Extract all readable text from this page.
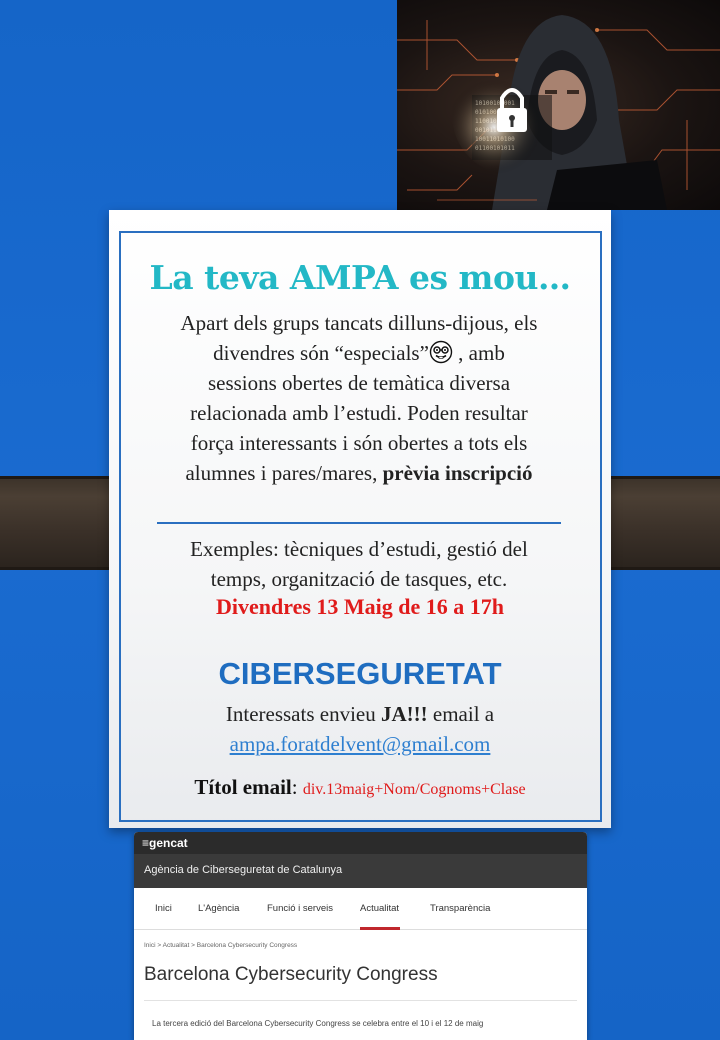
La teva AMPA es mou…
Apart dels grups tancats dilluns-dijous, els
divendres són “especials” , amb
sessions obertes de temàtica diversa
relacionada amb l’estudi. Poden resultar
força interessants i són obertes a tots els
alumnes i pares/mares, prèvia inscripció
Exemples: tècniques d’estudi, gestió del
temps, organització de tasques, etc.
Divendres 13 Maig de 16 a 17h
CIBERSEGURETAT
Interessats envieu JA!!! email a
ampa.foratdelvent@gmail.com
Títol email: div.13maig+Nom/Cognoms+Clase
≡gencat
Agència de Ciberseguretat de Catalunya
Inici	L'Agència	Funció i serveis	Actualitat	Transparència
Inici > Actualitat > Barcelona Cybersecurity Congress
Barcelona Cybersecurity Congress
La tercera edició del Barcelona Cybersecurity Congress se celebra entre el 10 i el 12 de maig
